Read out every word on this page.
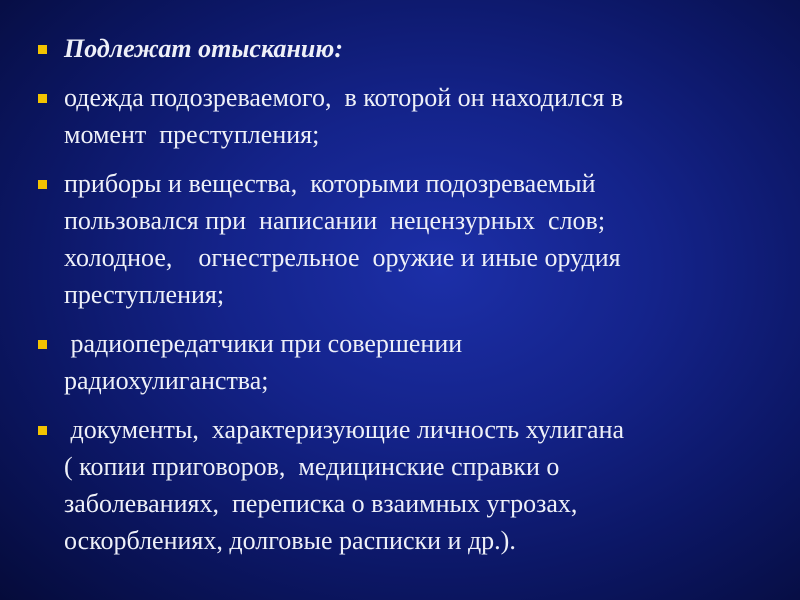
Подлежат отысканию:
одежда подозреваемого,  в которой он находился в
момент  преступления;
приборы и вещества,  которыми подозреваемый
пользовался при  написании  нецензурных  слов;
холодное,    огнестрельное  оружие и иные орудия
преступления;
радиопередатчики при совершении
радиохулиганства;
документы,  характеризующие личность хулигана
( копии приговоров,  медицинские справки о
заболеваниях,  переписка о взаимных угрозах,
оскорблениях, долговые расписки и др.).
